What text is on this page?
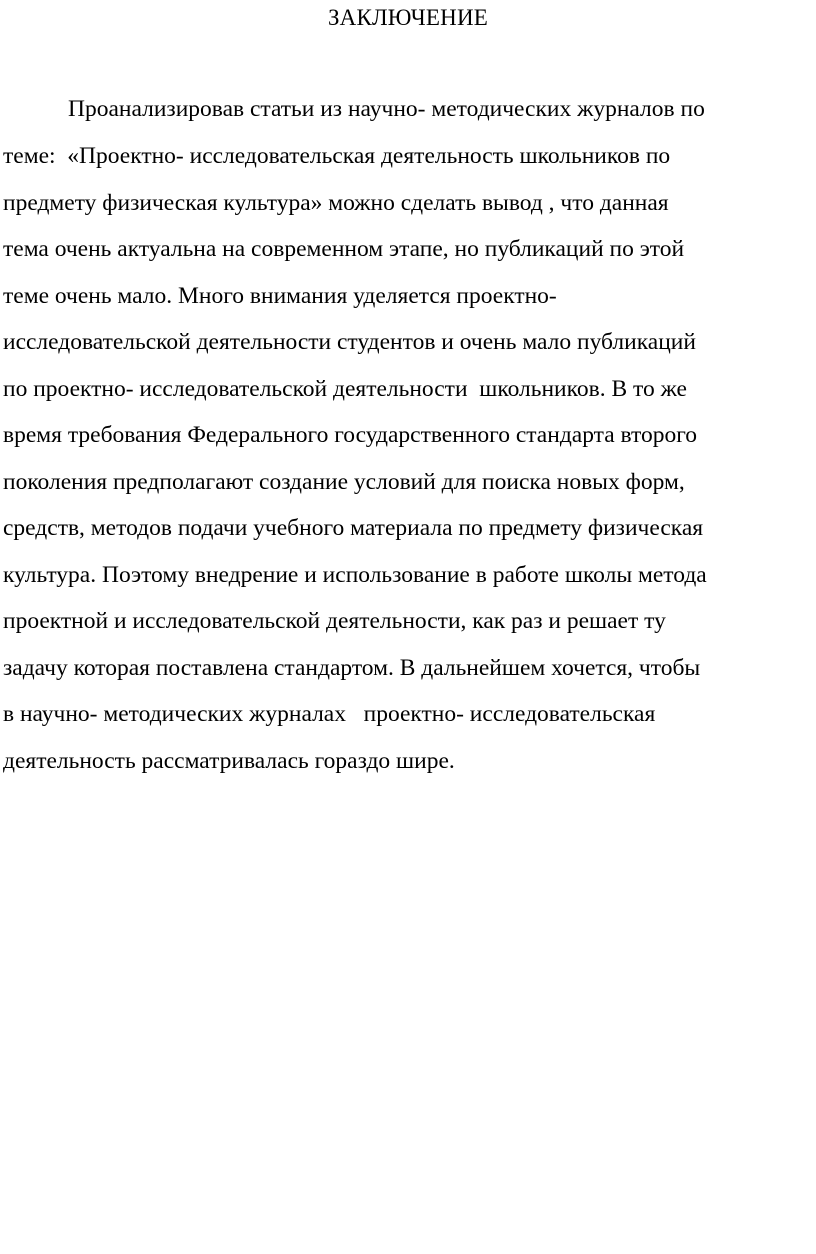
ЗАКЛЮЧЕНИЕ
Проанализировав статьи из научно- методических журналов по
теме:  «Проектно- исследовательская деятельность школьников по
предмету физическая культура» можно сделать вывод , что данная
тема очень актуальна на современном этапе, но публикаций по этой
теме очень мало. Много внимания уделяется проектно-
исследовательской деятельности студентов и очень мало публикаций
по проектно- исследовательской деятельности  школьников. В то же
время требования Федерального государственного стандарта второго
поколения предполагают создание условий для поиска новых форм,
средств, методов подачи учебного материала по предмету физическая
культура. Поэтому внедрение и использование в работе школы метода
проектной и исследовательской деятельности, как раз и решает ту
задачу которая поставлена стандартом. В дальнейшем хочется, чтобы
в научно- методических журналах   проектно- исследовательская
деятельность рассматривалась гораздо шире.
